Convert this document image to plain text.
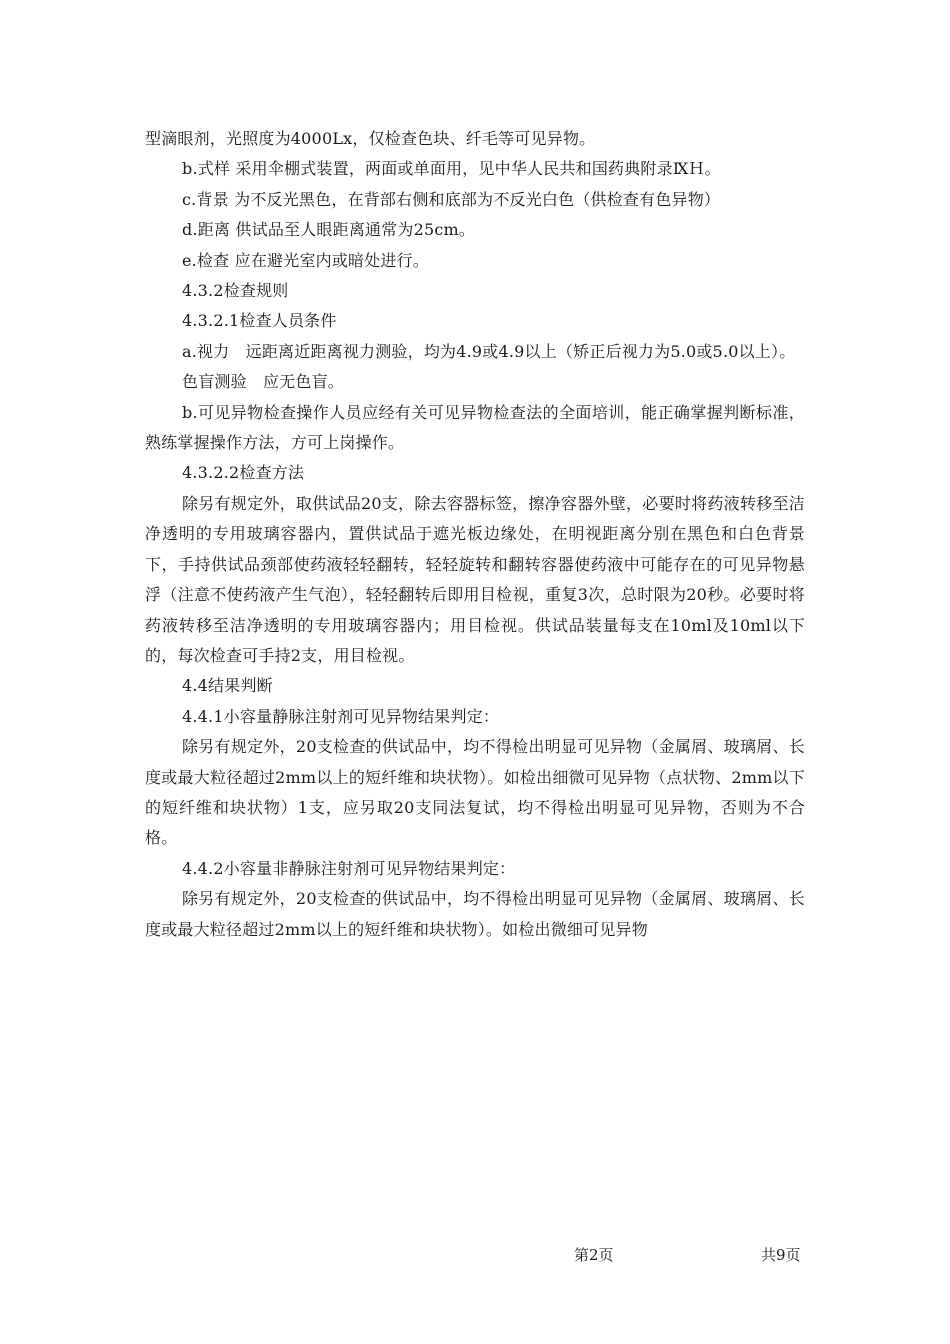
型滴眼剂，光照度为4000Lx，仅检查色块、纤毛等可见异物。

b.式样 采用伞棚式装置，两面或单面用，见中华人民共和国药典附录ⅨＨ。

c.背景 为不反光黑色，在背部右侧和底部为不反光白色（供检查有色异物）

d.距离 供试品至人眼距离通常为25cm。

e.检查 应在避光室内或暗处进行。

4.3.2检查规则

4.3.2.1检查人员条件

a.视力　远距离近距离视力测验，均为4.9或4.9以上（矫正后视力为5.0或5.0以上）。

色盲测验　应无色盲。

b.可见异物检查操作人员应经有关可见异物检查法的全面培训，能正确掌握判断标准，熟练掌握操作方法，方可上岗操作。

4.3.2.2检查方法

除另有规定外，取供试品20支，除去容器标签，擦净容器外壁，必要时将药液转移至洁净透明的专用玻璃容器内，置供试品于遮光板边缘处，在明视距离分别在黑色和白色背景下，手持供试品颈部使药液轻轻翻转，轻轻旋转和翻转容器使药液中可能存在的可见异物悬浮（注意不使药液产生气泡），轻轻翻转后即用目检视，重复3次，总时限为20秒。必要时将药液转移至洁净透明的专用玻璃容器内；用目检视。供试品装量每支在10ml及10ml以下的，每次检查可手持2支，用目检视。

4.4结果判断

4.4.1小容量静脉注射剂可见异物结果判定：

除另有规定外，20支检查的供试品中，均不得检出明显可见异物（金属屑、玻璃屑、长度或最大粒径超过2mm以上的短纤维和块状物）。如检出细微可见异物（点状物、2mm以下的短纤维和块状物）1支，应另取20支同法复试，均不得检出明显可见异物，否则为不合格。

4.4.2小容量非静脉注射剂可见异物结果判定：

除另有规定外，20支检查的供试品中，均不得检出明显可见异物（金属屑、玻璃屑、长度或最大粒径超过2mm以上的短纤维和块状物）。如检出微细可见异物

第2页	共9页
